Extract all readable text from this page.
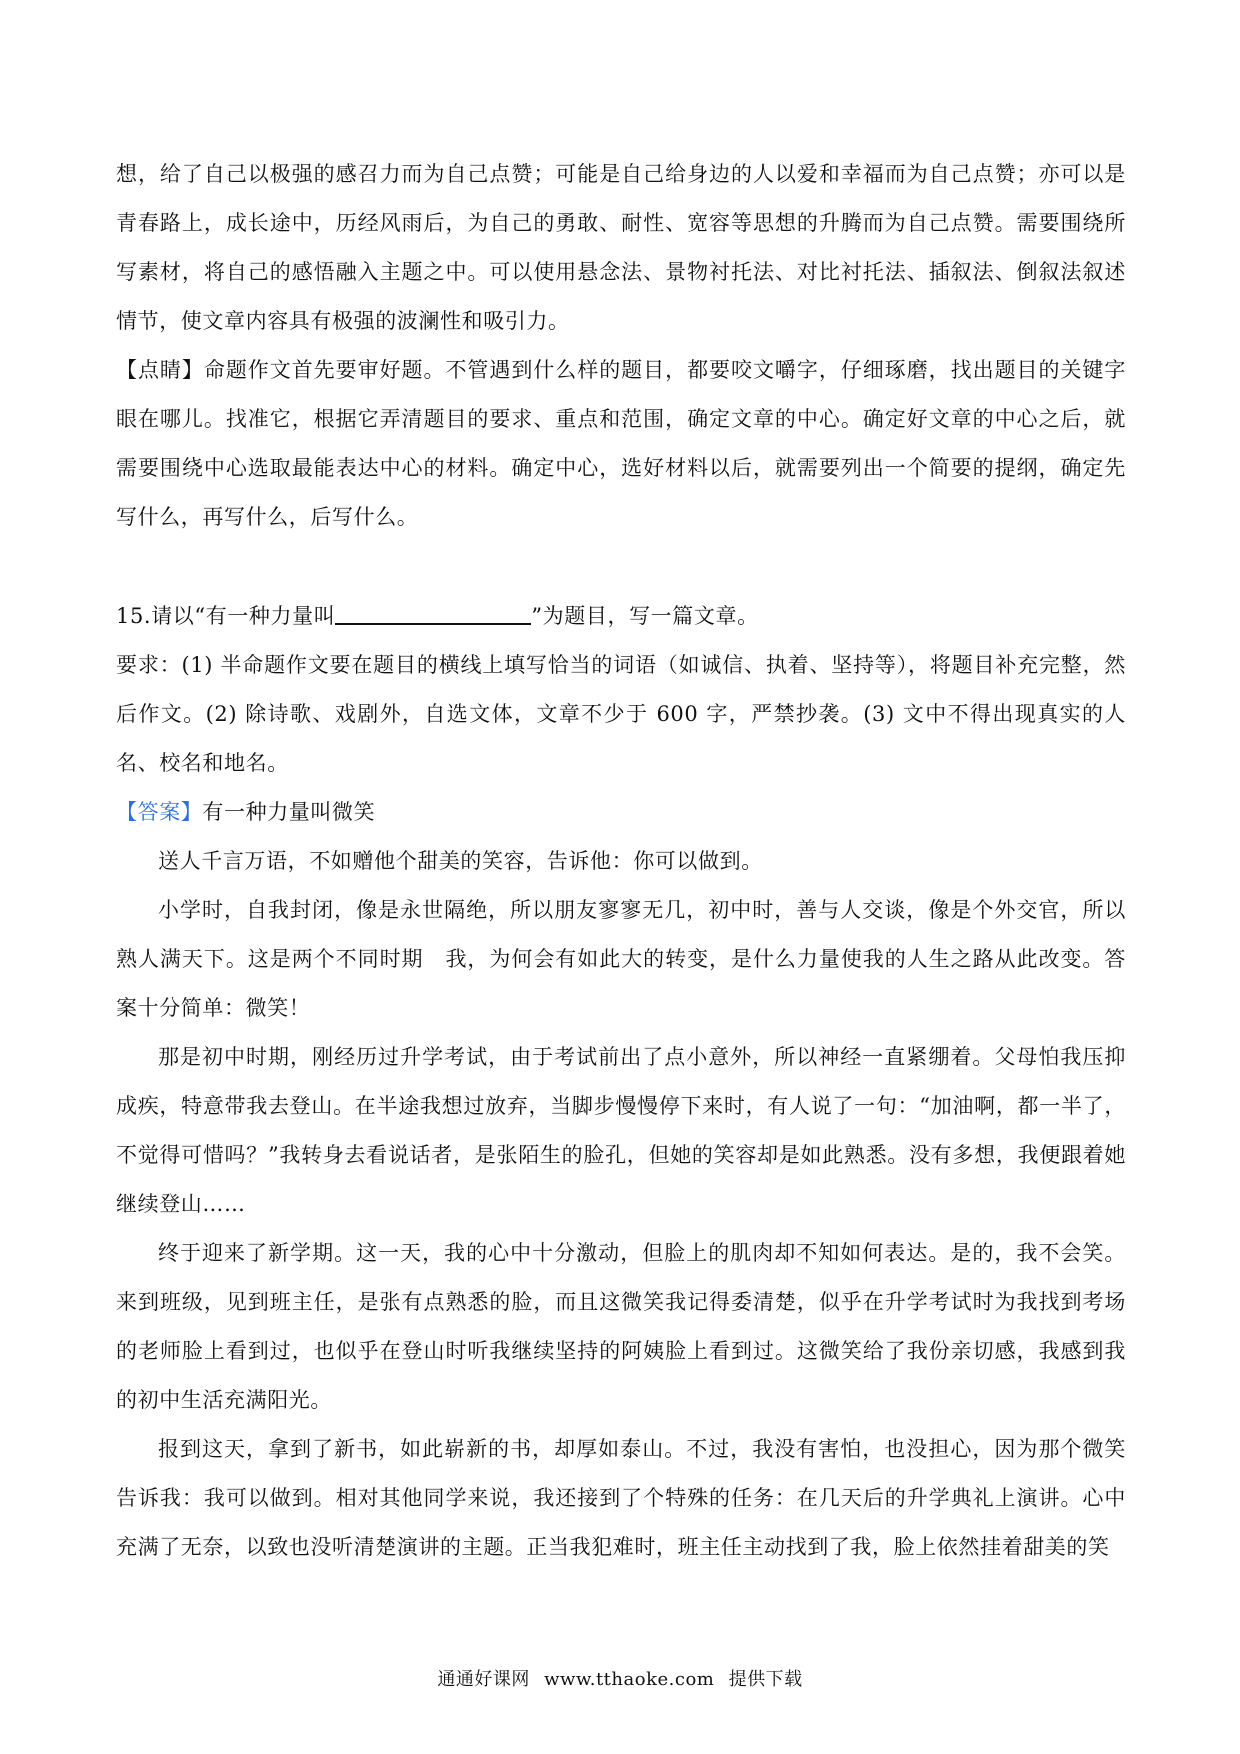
想，给了自己以极强的感召力而为自己点赞；可能是自己给身边的人以爱和幸福而为自己点赞；亦可以是青春路上，成长途中，历经风雨后，为自己的勇敢、耐性、宽容等思想的升腾而为自己点赞。需要围绕所写素材，将自己的感悟融入主题之中。可以使用悬念法、景物衬托法、对比衬托法、插叙法、倒叙法叙述情节，使文章内容具有极强的波澜性和吸引力。

【点睛】命题作文首先要审好题。不管遇到什么样的题目，都要咬文嚼字，仔细琢磨，找出题目的关键字眼在哪儿。找准它，根据它弄清题目的要求、重点和范围，确定文章的中心。确定好文章的中心之后，就需要围绕中心选取最能表达中心的材料。确定中心，选好材料以后，就需要列出一个简要的提纲，确定先写什么，再写什么，后写什么。

15.请以“有一种力量叫	”为题目，写一篇文章。

要求：(1) 半命题作文要在题目的横线上填写恰当的词语（如诚信、执着、坚持等），将题目补充完整，然后作文。(2) 除诗歌、戏剧外，自选文体，文章不少于 600 字，严禁抄袭。(3) 文中不得出现真实的人名、校名和地名。

【答案】有一种力量叫微笑

送人千言万语，不如赠他个甜美的笑容，告诉他：你可以做到。

小学时，自我封闭，像是永世隔绝，所以朋友寥寥无几，初中时，善与人交谈，像是个外交官，所以熟人满天下。这是两个不同时期　我，为何会有如此大的转变，是什么力量使我的人生之路从此改变。答案十分简单：微笑！

那是初中时期，刚经历过升学考试，由于考试前出了点小意外，所以神经一直紧绷着。父母怕我压抑成疾，特意带我去登山。在半途我想过放弃，当脚步慢慢停下来时，有人说了一句：“加油啊，都一半了，不觉得可惜吗？”我转身去看说话者，是张陌生的脸孔，但她的笑容却是如此熟悉。没有多想，我便跟着她继续登山……

终于迎来了新学期。这一天，我的心中十分激动，但脸上的肌肉却不知如何表达。是的，我不会笑。来到班级，见到班主任，是张有点熟悉的脸，而且这微笑我记得委清楚，似乎在升学考试时为我找到考场的老师脸上看到过，也似乎在登山时听我继续坚持的阿姨脸上看到过。这微笑给了我份亲切感，我感到我的初中生活充满阳光。

报到这天，拿到了新书，如此崭新的书，却厚如泰山。不过，我没有害怕，也没担心，因为那个微笑告诉我：我可以做到。相对其他同学来说，我还接到了个特殊的任务：在几天后的升学典礼上演讲。心中充满了无奈，以致也没听清楚演讲的主题。正当我犯难时，班主任主动找到了我，脸上依然挂着甜美的笑

通通好课网 www.tthaoke.com 提供下载
